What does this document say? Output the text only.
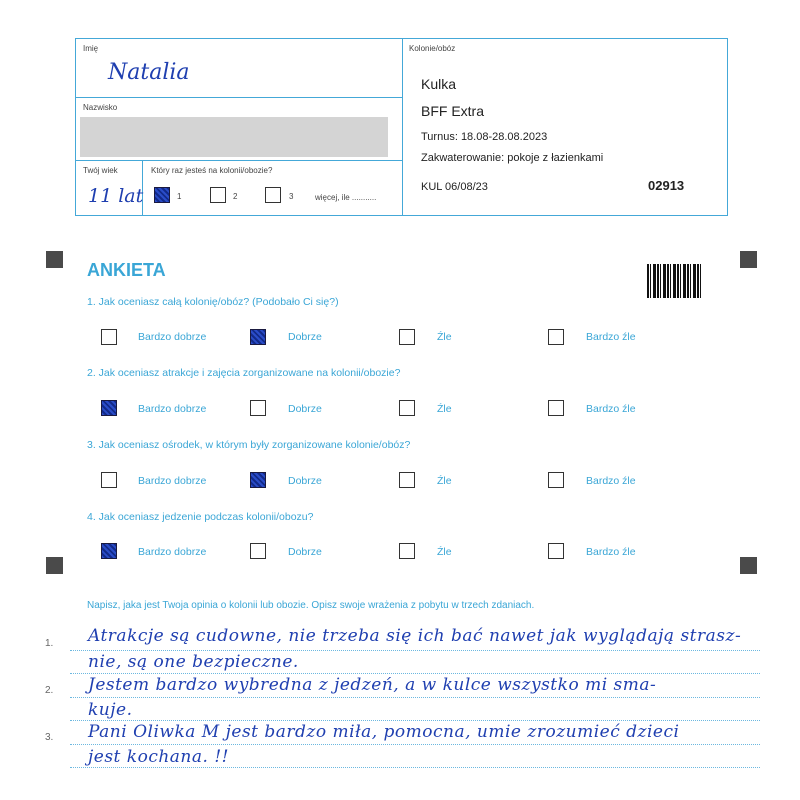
Imię
Natalia
Nazwisko
Twój wiek
11 lat
Który raz jesteś na kolonii/obozie?
1	2	3	więcej, ile ...........
Kolonie/obóz
Kulka
BFF Extra
Turnus: 18.08-28.08.2023
Zakwaterowanie: pokoje z łazienkami
KUL 06/08/23	02913
ANKIETA
1. Jak oceniasz całą kolonię/obóz? (Podobało Ci się?)
Bardzo dobrze	Dobrze	Źle	Bardzo źle
2. Jak oceniasz atrakcje i zajęcia zorganizowane na kolonii/obozie?
Bardzo dobrze	Dobrze	Źle	Bardzo źle
3. Jak oceniasz ośrodek, w którym były zorganizowane kolonie/obóz?
Bardzo dobrze	Dobrze	Źle	Bardzo źle
4. Jak oceniasz jedzenie podczas kolonii/obozu?
Bardzo dobrze	Dobrze	Źle	Bardzo źle
Napisz, jaka jest Twoja opinia o kolonii lub obozie. Opisz swoje wrażenia z pobytu w trzech zdaniach.
1.
2.
3.
Atrakcje są cudowne, nie trzeba się ich bać nawet jak wyglądają strasz-
nie, są one bezpieczne.
Jestem bardzo wybredna z jedzeń, a w kulce wszystko mi sma-
kuje.
Pani Oliwka M jest bardzo miła, pomocna, umie zrozumieć dzieci
jest kochana. !!
